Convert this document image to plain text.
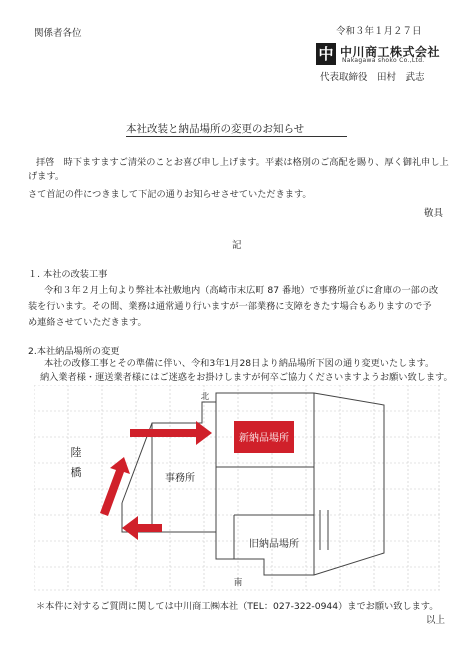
関係者各位	令和３年１月２７日
中 中川商工株式会社
Nakagawa shoko Co.,Ltd.
代表取締役　田村　武志
本社改装と納品場所の変更のお知らせ
拝啓　時下ますますご清栄のことお喜び申し上げます。平素は格別のご高配を賜り、厚く御礼申し上
げます。
さて首記の件につきまして下記の通りお知らせさせていただきます。
敬具
記
１. 本社の改装工事
令和３年２月上旬より弊社本社敷地内（高崎市末広町 87 番地）で事務所並びに倉庫の一部の改
装を行います。その間、業務は通常通り行いますが一部業務に支障をきたす場合もありますので予
め連絡させていただきます。
2.本社納品場所の変更
本社の改修工事とその準備に伴い、令和3年1月28日より納品場所下図の通り変更いたします。
納入業者様・運送業者様にはご迷惑をお掛けしますが何卒ご協力くださいますようお願い致します。
新納品場所
北
南
陸
橋	事務所
旧納品場所
＊本件に対するご質問に関しては中川商工㈱本社（TEL：027-322-0944）までお願い致します。
以上
